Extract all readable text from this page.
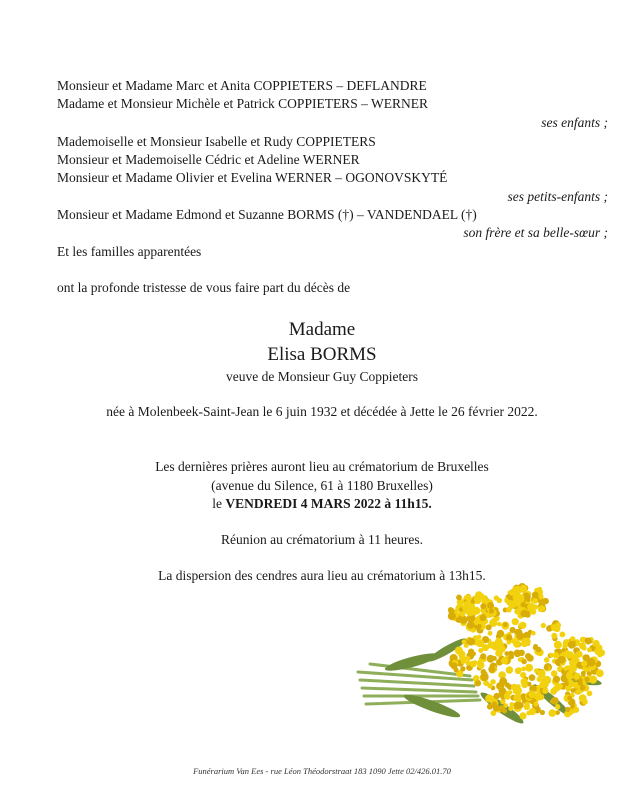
Monsieur et Madame Marc et Anita COPPIETERS – DEFLANDRE
Madame et Monsieur Michèle et Patrick COPPIETERS – WERNER
ses enfants ;
Mademoiselle et Monsieur Isabelle et Rudy COPPIETERS
Monsieur et Mademoiselle Cédric et Adeline WERNER
Monsieur et Madame Olivier et Evelina WERNER – OGONOVSKYTÉ
ses petits-enfants ;
Monsieur et Madame Edmond et Suzanne BORMS (†) – VANDENDAEL (†)
son frère et sa belle-sœur ;
Et les familles apparentées
ont la profonde tristesse de vous faire part du décès de
Madame
Elisa BORMS
veuve de Monsieur Guy Coppieters
née à Molenbeek-Saint-Jean le 6 juin 1932 et décédée à Jette le 26 février 2022.
Les dernières prières auront lieu au crématorium de Bruxelles
(avenue du Silence, 61 à 1180 Bruxelles)
le VENDREDI 4 MARS 2022 à 11h15.
Réunion au crématorium à 11 heures.
La dispersion des cendres aura lieu au crématorium à 13h15.
Funérarium Van Ees - rue Léon Théodorstraat 183 1090 Jette 02/426.01.70
